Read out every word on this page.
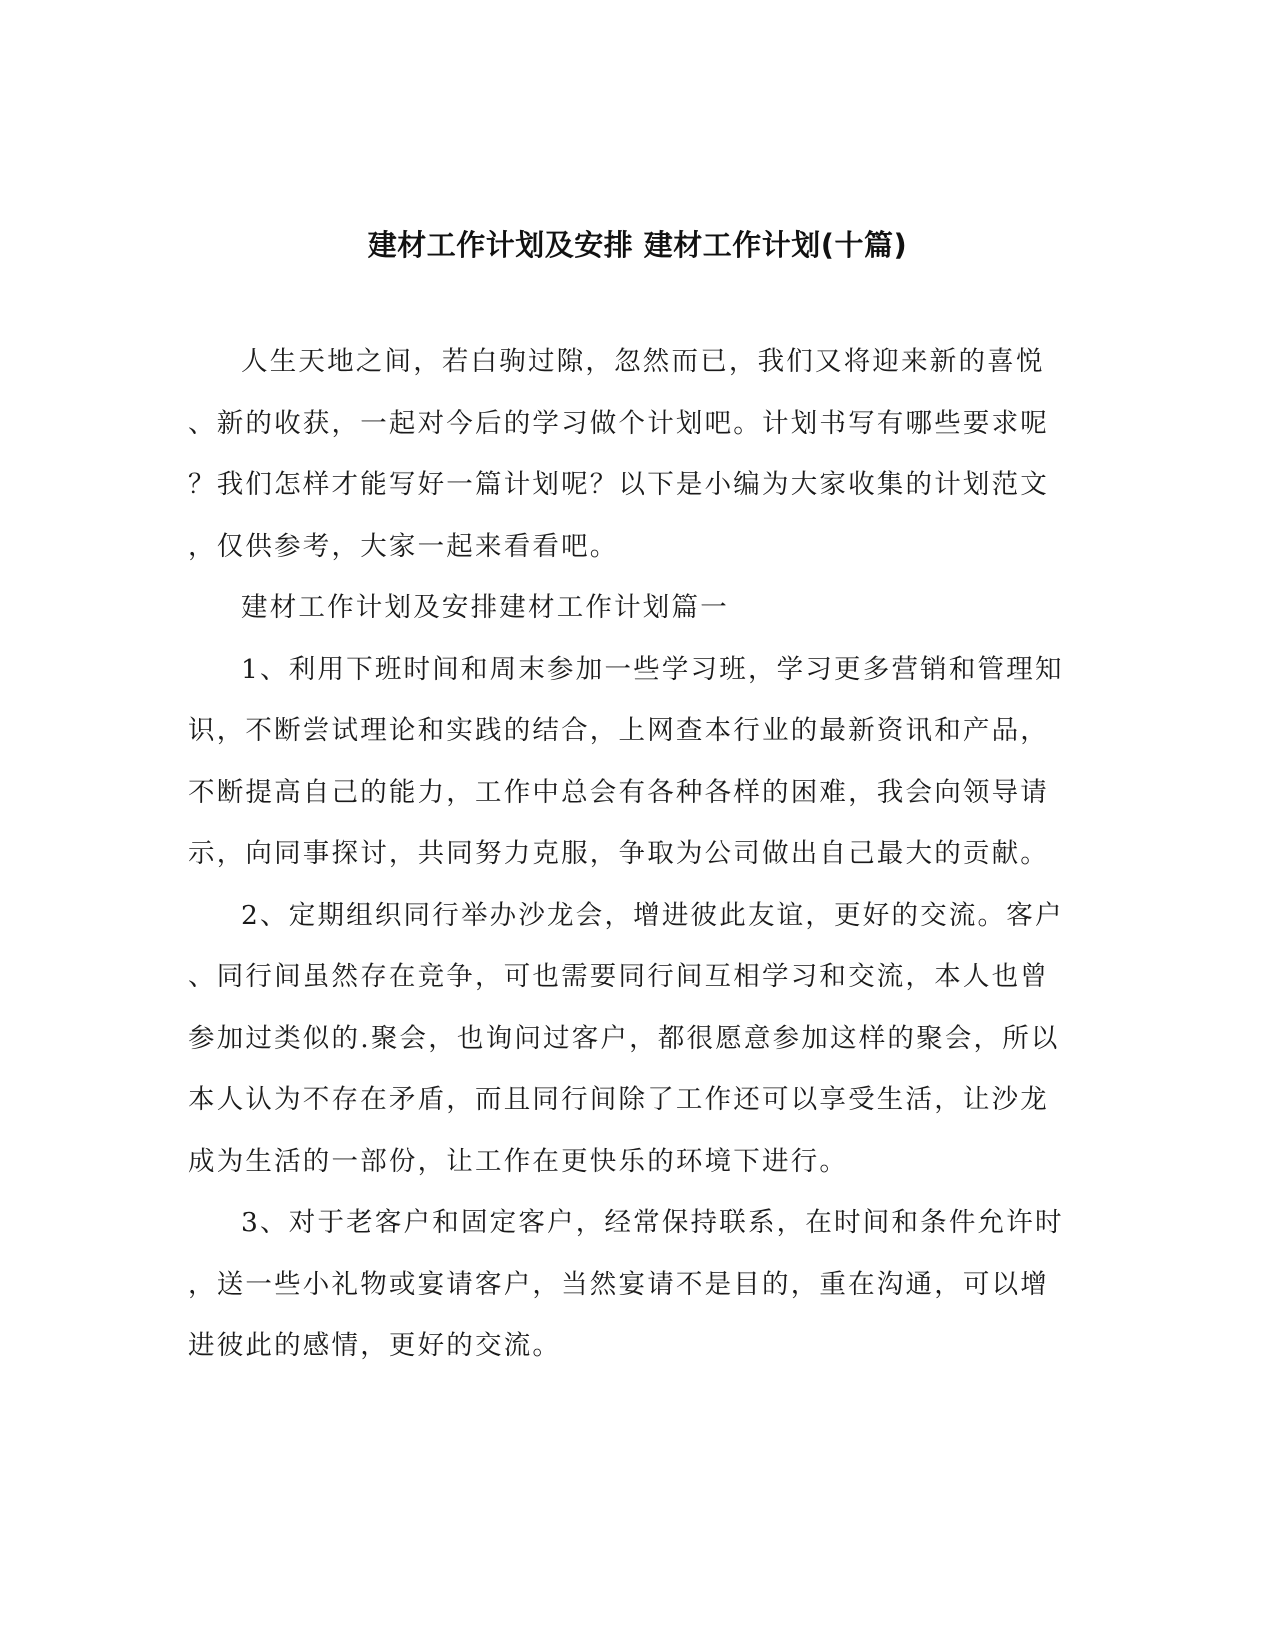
建材工作计划及安排 建材工作计划(十篇)

人生天地之间，若白驹过隙，忽然而已，我们又将迎来新的喜悦、新的收获，一起对今后的学习做个计划吧。计划书写有哪些要求呢？我们怎样才能写好一篇计划呢？以下是小编为大家收集的计划范文，仅供参考，大家一起来看看吧。

建材工作计划及安排建材工作计划篇一

1、利用下班时间和周末参加一些学习班，学习更多营销和管理知识，不断尝试理论和实践的结合，上网查本行业的最新资讯和产品，不断提高自己的能力，工作中总会有各种各样的困难，我会向领导请示，向同事探讨，共同努力克服，争取为公司做出自己最大的贡献。

2、定期组织同行举办沙龙会，增进彼此友谊，更好的交流。客户、同行间虽然存在竞争，可也需要同行间互相学习和交流，本人也曾参加过类似的.聚会，也询问过客户，都很愿意参加这样的聚会，所以本人认为不存在矛盾，而且同行间除了工作还可以享受生活，让沙龙成为生活的一部份，让工作在更快乐的环境下进行。

3、对于老客户和固定客户，经常保持联系，在时间和条件允许时，送一些小礼物或宴请客户，当然宴请不是目的，重在沟通，可以增进彼此的感情，更好的交流。
